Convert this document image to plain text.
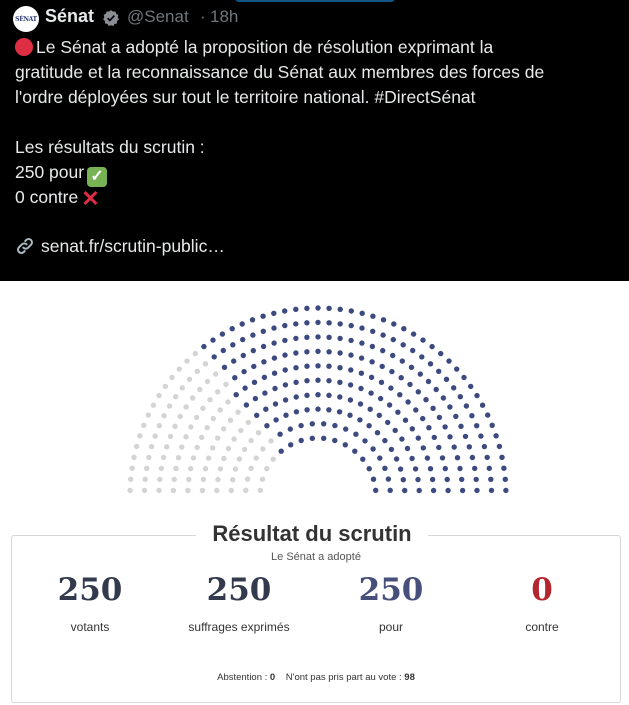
SÉNAT Sénat @Senat · 18h
Le Sénat a adopté la proposition de résolution exprimant la
gratitude et la reconnaissance du Sénat aux membres des forces de
l'ordre déployées sur tout le territoire national. #DirectSénat
Les résultats du scrutin :
250 pour ✓
0 contre ✕
senat.fr/scrutin-public…
Le Sénat a adopté
250
votants
250
suffrages exprimés
250
pour
0
contre
Abstention : 0 N'ont pas pris part au vote : 98
Résultat du scrutin
